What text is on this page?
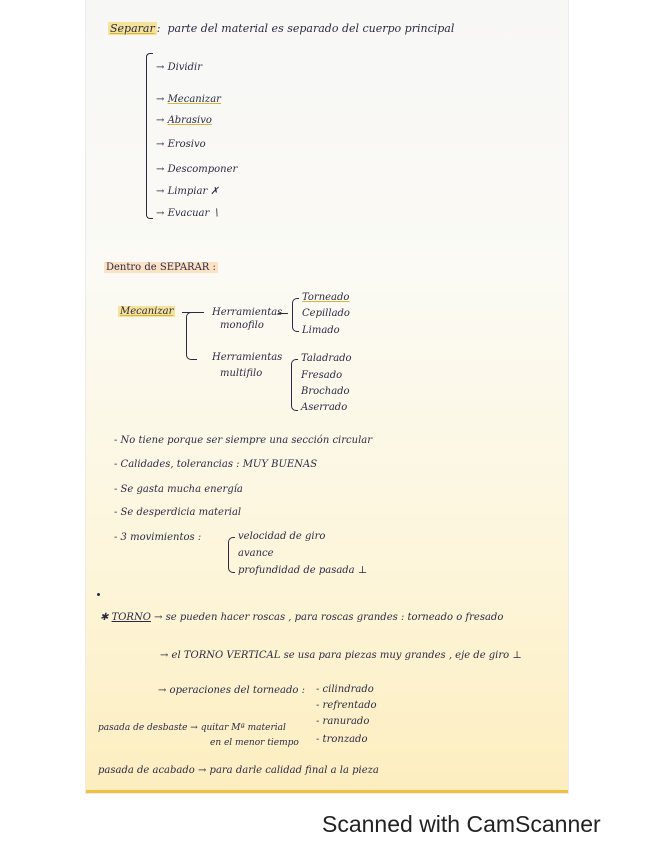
Separar :  parte del material es separado del cuerpo principal
→ Dividir
→ Mecanizar
→ Abrasivo
→ Erosivo
→ Descomponer
→ Limpiar ✗
→ Evacuar ∖
Dentro de SEPARAR :
Mecanizar	Herramientas
monofilo
Torneado
Cepillado
Limado
Herramientas
multifilo
Taladrado
Fresado
Brochado
Aserrado
- No tiene porque ser siempre una sección circular
- Calidades, tolerancias : MUY BUENAS
- Se gasta mucha energía
- Se desperdicia material
- 3 movimientos :	velocidad de giro
avance
profundidad de pasada ⊥
✱ TORNO → se pueden hacer roscas , para roscas grandes : torneado o fresado
→ el TORNO VERTICAL se usa para piezas muy grandes , eje de giro ⊥
→ operaciones del torneado : - cilindrado
- refrentado
- ranurado
- tronzado
pasada de desbaste → quitar Mª material
en el menor tiempo
pasada de acabado → para darle calidad final a la pieza
Scanned with CamScanner
